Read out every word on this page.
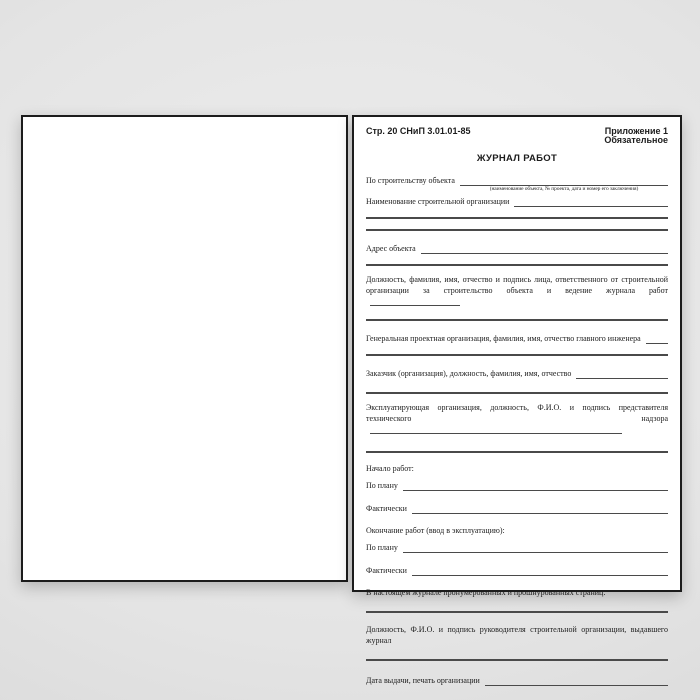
Стр. 20 СНиП 3.01.01-85	Приложение 1
Обязательное
ЖУРНАЛ РАБОТ
По строительству объекта
(наименование объекта, № проекта, дата и номер его заключения)
Наименование строительной организации
Адрес объекта
Должность, фамилия, имя, отчество и подпись лица, ответственного от строительной организации за строительство объекта и ведение журнала работ
Генеральная проектная организация, фамилия, имя, отчество главного инженера
Заказчик (организация), должность, фамилия, имя, отчество
Эксплуатирующая организация, должность, Ф.И.О. и подпись представителя технического надзора
Начало работ:
По плану
Фактически
Окончание работ (ввод в эксплуатацию):
По плану
Фактически
В настоящем журнале пронумерованных и прошнурованных страниц:
Должность, Ф.И.О. и подпись руководителя строительной организации, выдавшего журнал
Дата выдачи, печать организации
